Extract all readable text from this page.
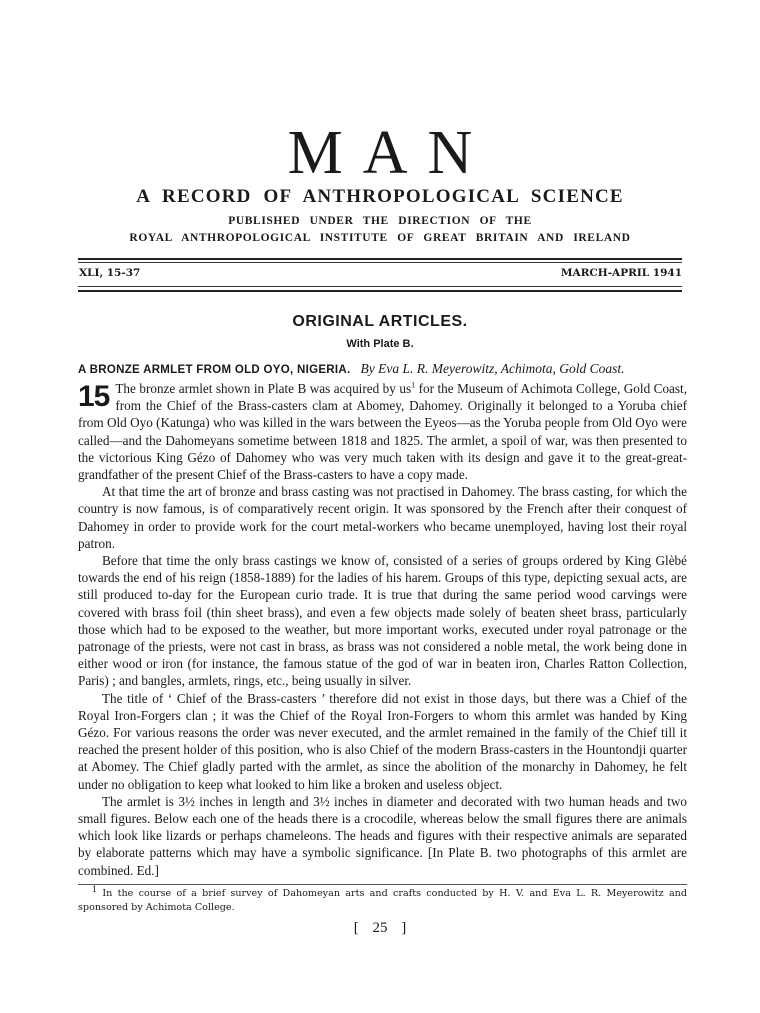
MAN
A RECORD OF ANTHROPOLOGICAL SCIENCE
PUBLISHED UNDER THE DIRECTION OF THE
ROYAL ANTHROPOLOGICAL INSTITUTE OF GREAT BRITAIN AND IRELAND
XLI, 15-37	MARCH-APRIL 1941
ORIGINAL ARTICLES.
With Plate B.
A BRONZE ARMLET FROM OLD OYO, NIGERIA. By Eva L. R. Meyerowitz, Achimota, Gold Coast.

15 The bronze armlet shown in Plate B was acquired by $us^1$ for the Museum of Achimota College, Gold Coast, from the Chief of the Brass-casters clam at Abomey, Dahomey. Originally it belonged to a Yoruba chief from Old Oyo (Katunga) who was killed in the wars between the Eyeos—as the Yoruba people from Old Oyo were called—and the Dahomeyans sometime between 1818 and 1825. The armlet, a spoil of war, was then presented to the victorious King Gézo of Dahomey who was very much taken with its design and gave it to the great-great-grandfather of the present Chief of the Brass-casters to have a copy made.

At that time the art of bronze and brass casting was not practised in Dahomey. The brass casting, for which the country is now famous, is of comparatively recent origin. It was sponsored by the French after their conquest of Dahomey in order to provide work for the court metal-workers who became unemployed, having lost their royal patron.

Before that time the only brass castings we know of, consisted of a series of groups ordered by King Glèbé towards the end of his reign (1858-1889) for the ladies of his harem. Groups of this type, depicting sexual acts, are still produced to-day for the European curio trade. It is true that during the same period wood carvings were covered with brass foil (thin sheet brass), and even a few objects made solely of beaten sheet brass, particularly those which had to be exposed to the weather, but more important works, executed under royal patronage or the patronage of the priests, were not cast in brass, as brass was not considered a noble metal, the work being done in either wood or iron (for instance, the famous statue of the god of war in beaten iron, Charles Ratton Collection, Paris) ; and bangles, armlets, rings, etc., being usually in silver.

The title of ‘ Chief of the Brass-casters ’ therefore did not exist in those days, but there was a Chief of the Royal Iron-Forgers clan ; it was the Chief of the Royal Iron-Forgers to whom this armlet was handed by King Gézo. For various reasons the order was never executed, and the armlet remained in the family of the Chief till it reached the present holder of this position, who is also Chief of the modern Brass-casters in the Hountondji quarter at Abomey. The Chief gladly parted with the armlet, as since the abolition of the monarchy in Dahomey, he felt under no obligation to keep what looked to him like a broken and useless object.

The armlet is 3½ inches in length and 3½ inches in diameter and decorated with two human heads and two small figures. Below each one of the heads there is a crocodile, whereas below the small figures there are animals which look like lizards or perhaps chameleons. The heads and figures with their respective animals are separated by elaborate patterns which may have a symbolic significance. [In Plate B. two photographs of this armlet are combined. Ed.]

$^1$ In the course of a brief survey of Dahomeyan arts and crafts conducted by H. V. and Eva L. R. Meyerowitz and sponsored by Achimota College.
[ 25 ]
